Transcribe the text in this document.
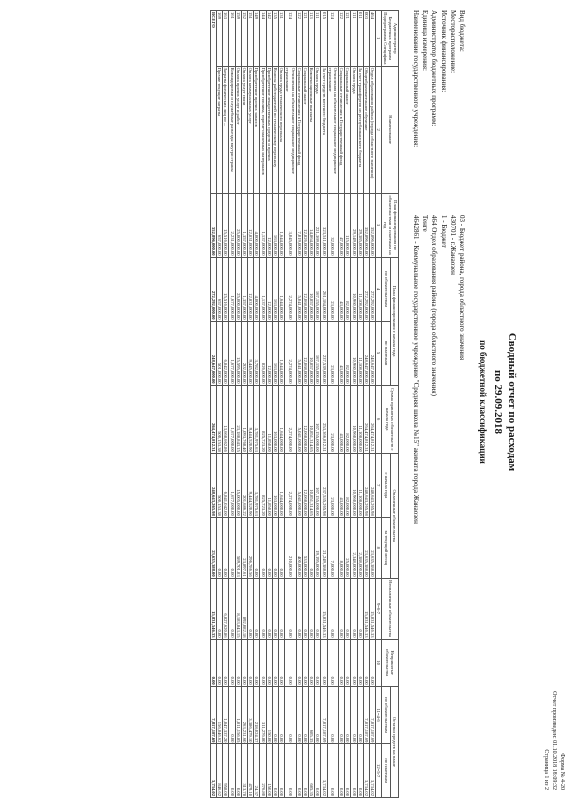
Форма № 4-20
Отчет произведен: 01.10.2018 18:09:32
Страница 1 из 2
Сводный отчет по расходам
по 29.09.2018
по бюджетной классификации
Вид бюджета:
03 - Бюджет района, города областного значения
Месторасположение:
430701 - г.Жанаозен
Источник финансирования:
1 - Бюджет
Администратор бюджетных программ:
464 Отдел образования района (города областного значения)
Единица измерения:
Тенге
Наименование государственного учреждения:
4642861 - Коммунальное государственное учреждение "Средняя школа №15" акимата города Жанаозен
Администратор Бюджетных программ Подпрограмма Специфика	Наименование	План финансирования по обязательствам и платежам на год	План финансирования с начала года		Сумма принятых обязательств с начала года	Оплаченные обязательства		Неоплаченные обязательства	Непринятые обязательства	Остатки средств на плане	
			по обязательствам	по платежам		с начала года	за текущий месяц			по обязательствам	по платежам
1	2	3	4	5	6	7	8	9=6-7	10	11=4-6	12=5-7
464	Отдел образования района (города областного значения)	352,896,000.00	272,292,000.00	248,647,000.00	264,474,812.31	248,643,265.98	23,635,388.00	15,831,546.33	0.00	7,817,187.69	3,734.02
003	Общеобразовательное обучение	352,896,000.00	272,292,000.00	248,647,000.00	264,474,812.31	248,643,265.98	23,635,388.00	15,831,546.33	0.00	7,817,187.69	3,734.02
011	За счет трансфертов из республиканского бюджета	29,385,000.00	11,108,000.00	11,108,000.00	11,108,000.00	11,108,000.00	2,388,000.00	0.00	0.00	0.00	0.00
111	Оплата труда	29,149,000.00	10,960,000.00	10,960,000.00	10,960,000.00	10,960,000.00	2,348,000.00	0.00	0.00	0.00	0.00
121	Социальный налог	115,000.00	82,000.00	82,000.00	82,000.00	82,000.00	25,000.00	0.00	0.00	0.00	0.00
122	Социальные отчисления в Государственный фонд	47,000.00	43,000.00	43,000.00	43,000.00	43,000.00	8,000.00	0.00	0.00	0.00	0.00
124	Отчисления на обязательное социальное медицинское страхование	32,000.00	23,000.00	23,000.00	23,000.00	23,000.00	7,000.00	0.00	0.00	0.00	0.00
015	За счет средств местного бюджета	323,511,000.00	261,184,000.00	237,539,000.00	253,366,812.31	237,535,265.98	21,249,388.00	15,831,546.33	0.00	7,817,187.69	3,734.02
111	Оплата труда	221,369,000.00	167,155,000.00	167,155,000.00	167,155,000.00	167,155,000.00	19,195,000.00	0.00	0.00	0.00	0.00
113	Компенсационные выплаты	14,864,000.00	10,857,000.00	10,857,000.00	10,851,314.65	10,851,314.65	0.00	0.00	0.00	685.35	685.35
121	Социальный налог	12,826,000.00	12,068,000.00	12,068,000.00	12,068,000.00	12,068,000.00	533,000.00	0.00	0.00	0.00	0.00
122	Социальные отчисления в Государственный фонд	7,019,000.00	5,041,000.00	5,041,000.00	5,041,000.00	5,041,000.00	400,000.00	0.00	0.00	0.00	0.00
124	Отчисления на обязательное социальное медицинское страхование	3,045,000.00	2,274,000.00	2,274,000.00	2,274,000.00	2,274,000.00	210,000.00	0.00	0.00	0.00	0.00
131	Оплата труда технического персонала	1,644,000.00	1,644,000.00	1,644,000.00	1,644,000.00	1,644,000.00	0.00	0.00	0.00	0.00	0.00
135	Взносы работодателей по техническому персоналу	163,000.00	163,000.00	163,000.00	163,000.00	163,000.00	0.00	0.00	0.00	0.00	0.00
142	Приобретение лекарственных средств и прочих	12,000.00	12,000.00	12,000.00	11,850.00	11,850.00	0.00	0.00	0.00	150.00	150.00
144	Приобретение топлива, горюче-смазочных материалов	1,137,000.00	1,137,000.00	826,000.00	825,723.20	825,723.20	0.00	0.00	0.00	311,276.80	276.80
149	Приобретение прочих запасов	4,000,000.00	4,000,000.00	3,782,000.00	3,781,975.63	3,781,975.63	0.00	0.00	0.00	218,024.37	24.37
151	Оплата коммунальных услуг	12,831,000.00	12,831,000.00	9,445,000.00	9,444,520.90	9,444,520.90	296,786.56	0.00	0.00	3,386,479.10	479.10
152	Оплата услуг связи	1,357,000.00	1,357,000.00	202,000.00	1,093,768.40	201,686.22	23,897.61	892,082.18	0.00	263,231.60	313.78
159	Оплата прочих услуг и работ	25,000,000.00	25,000,000.00	15,595,000.00	23,188,843.15	15,005,000.00	589,701.83	8,183,843.15	0.00	1,811,156.85	0.00
161	Командировки и служебные разъезды внутри страны	2,231,000.00	1,677,000.00	1,677,000.00	1,677,000.00	1,677,000.00	0.00	0.00	0.00	0.00	0.00
163	Затраты физических лиц по ...	15,516,000.00	15,516,000.00	6,842,000.00	13,668,662.86	6,841,042.00	0.00	6,827,620.86	0.00	1,847,337.20	958.00
169	Прочие текущие затраты	657,000.00	657,000.00	501,000.00	500,153.38	500,153.38	0.00	0.00	0.00	156,846.62	846.62
ВСЕГО		352,896,000.00	272,292,000.00	248,647,000.00	264,474,812.31	248,643,265.98	23,635,388.00	15,831,546.33	0.00	7,817,187.69	3,734.02
